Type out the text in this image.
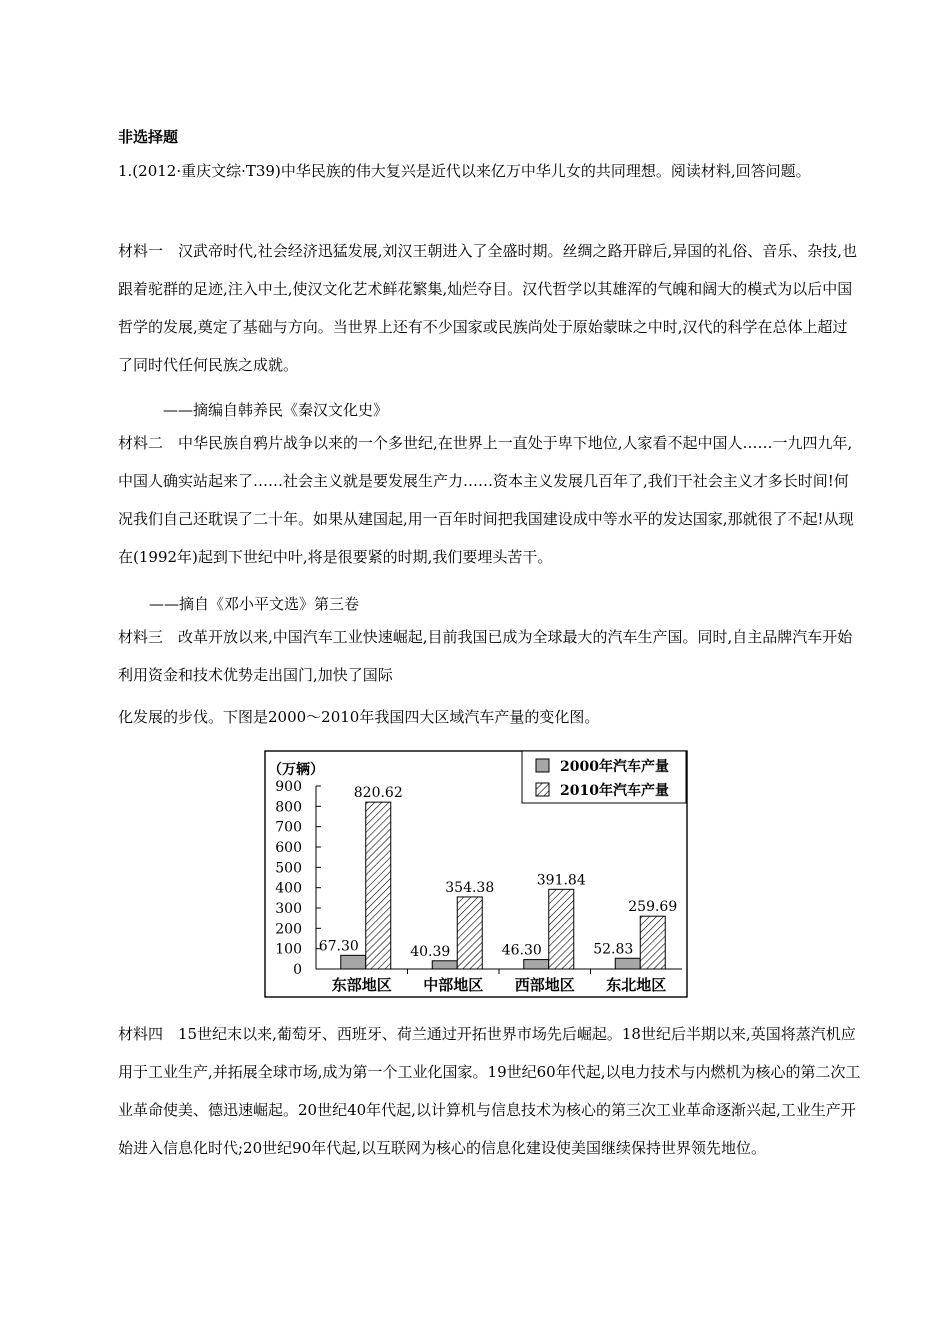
非选择题

1.(2012·重庆文综·T39)中华民族的伟大复兴是近代以来亿万中华儿女的共同理想。阅读材料,回答问题。

材料一　汉武帝时代,社会经济迅猛发展,刘汉王朝进入了全盛时期。丝绸之路开辟后,异国的礼俗、音乐、杂技,也跟着驼群的足迹,注入中土,使汉文化艺术鲜花繁集,灿烂夺目。汉代哲学以其雄浑的气魄和阔大的模式为以后中国哲学的发展,奠定了基础与方向。当世界上还有不少国家或民族尚处于原始蒙昧之中时,汉代的科学在总体上超过了同时代任何民族之成就。

——摘编自韩养民《秦汉文化史》

材料二　中华民族自鸦片战争以来的一个多世纪,在世界上一直处于卑下地位,人家看不起中国人……一九四九年,中国人确实站起来了……社会主义就是要发展生产力……资本主义发展几百年了,我们干社会主义才多长时间!何况我们自己还耽误了二十年。如果从建国起,用一百年时间把我国建设成中等水平的发达国家,那就很了不起!从现在(1992年)起到下世纪中叶,将是很要紧的时期,我们要埋头苦干。

——摘自《邓小平文选》第三卷

材料三　改革开放以来,中国汽车工业快速崛起,目前我国已成为全球最大的汽车生产国。同时,自主品牌汽车开始利用资金和技术优势走出国门,加快了国际

化发展的步伐。下图是2000～2010年我国四大区域汽车产量的变化图。
（万辆）
0
100
200
300
400
500
600
700
800
900
67.30
820.62
东部地区
40.39
354.38
中部地区
46.30
391.84
西部地区
52.83
259.69
东北地区
2000年汽车产量
2010年汽车产量

材料四　15世纪末以来,葡萄牙、西班牙、荷兰通过开拓世界市场先后崛起。18世纪后半期以来,英国将蒸汽机应用于工业生产,并拓展全球市场,成为第一个工业化国家。19世纪60年代起,以电力技术与内燃机为核心的第二次工业革命使美、德迅速崛起。20世纪40年代起,以计算机与信息技术为核心的第三次工业革命逐渐兴起,工业生产开始进入信息化时代;20世纪90年代起,以互联网为核心的信息化建设使美国继续保持世界领先地位。
